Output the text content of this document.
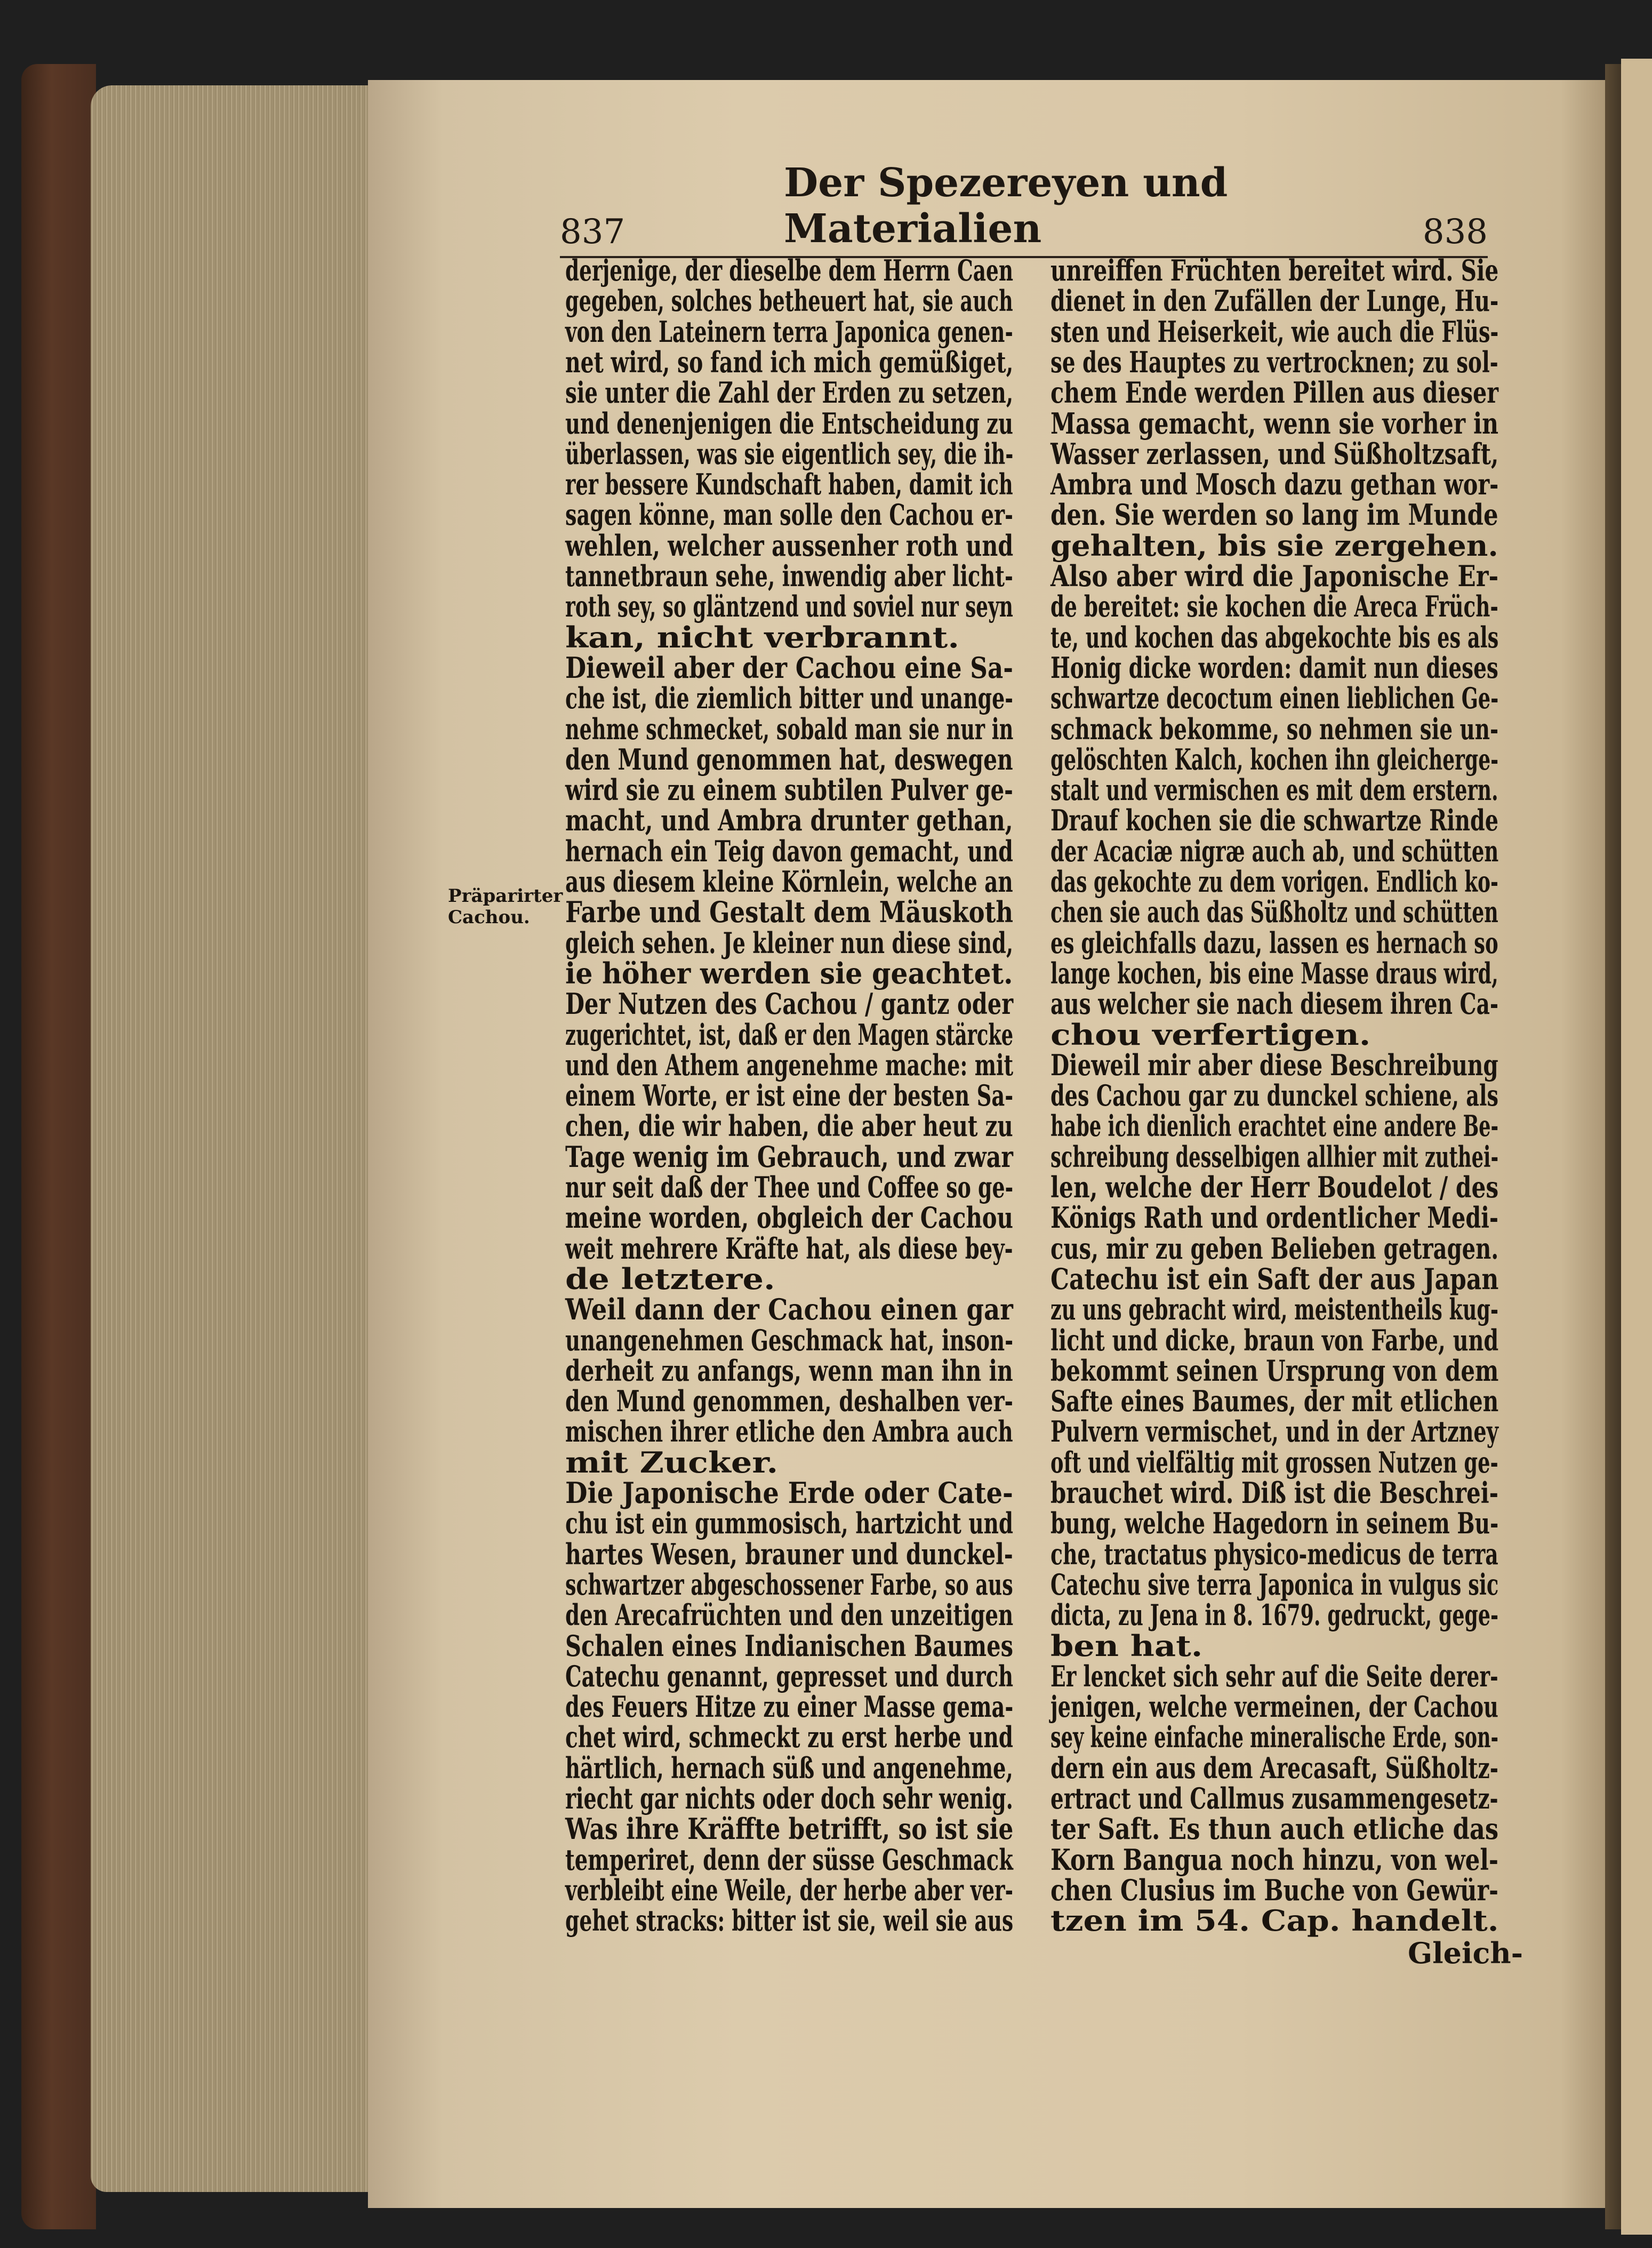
837
Der Spezereyen und Materialien	838
derjenige, der dieselbe dem Herrn Caen
gegeben, solches betheuert hat, sie auch
von den Lateinern terra Japonica genen-
net wird, so fand ich mich gemüßiget,
sie unter die Zahl der Erden zu setzen,
und denenjenigen die Entscheidung zu
überlassen, was sie eigentlich sey, die ih-
rer bessere Kundschaft haben, damit ich
sagen könne, man solle den Cachou er-
wehlen, welcher aussenher roth und
tannetbraun sehe, inwendig aber licht-
roth sey, so gläntzend und soviel nur seyn
kan, nicht verbrannt.
Dieweil aber der Cachou eine Sa-
che ist, die ziemlich bitter und unange-
nehme schmecket, sobald man sie nur in
den Mund genommen hat, deswegen
wird sie zu einem subtilen Pulver ge-
macht, und Ambra drunter gethan,
hernach ein Teig davon gemacht, und
aus diesem kleine Körnlein, welche an
Farbe und Gestalt dem Mäuskoth
gleich sehen. Je kleiner nun diese sind,
ie höher werden sie geachtet.
Der Nutzen des Cachou / gantz oder
zugerichtet, ist, daß er den Magen stärcke
und den Athem angenehme mache: mit
einem Worte, er ist eine der besten Sa-
chen, die wir haben, die aber heut zu
Tage wenig im Gebrauch, und zwar
nur seit daß der Thee und Coffee so ge-
meine worden, obgleich der Cachou
weit mehrere Kräfte hat, als diese bey-
de letztere.
Weil dann der Cachou einen gar
unangenehmen Geschmack hat, inson-
derheit zu anfangs, wenn man ihn in
den Mund genommen, deshalben ver-
mischen ihrer etliche den Ambra auch
mit Zucker.
Die Japonische Erde oder Cate-
chu ist ein gummosisch, hartzicht und
hartes Wesen, brauner und dunckel-
schwartzer abgeschossener Farbe, so aus
den Arecafrüchten und den unzeitigen
Schalen eines Indianischen Baumes
Catechu genannt, gepresset und durch
des Feuers Hitze zu einer Masse gema-
chet wird, schmeckt zu erst herbe und
härtlich, hernach süß und angenehme,
riecht gar nichts oder doch sehr wenig.
Was ihre Kräffte betrifft, so ist sie
temperiret, denn der süsse Geschmack
verbleibt eine Weile, der herbe aber ver-
gehet stracks: bitter ist sie, weil sie aus
unreiffen Früchten bereitet wird. Sie
dienet in den Zufällen der Lunge, Hu-
sten und Heiserkeit, wie auch die Flüs-
se des Hauptes zu vertrocknen; zu sol-
chem Ende werden Pillen aus dieser
Massa gemacht, wenn sie vorher in
Wasser zerlassen, und Süßholtzsaft,
Ambra und Mosch dazu gethan wor-
den. Sie werden so lang im Munde
gehalten, bis sie zergehen.
Also aber wird die Japonische Er-
de bereitet: sie kochen die Areca Früch-
te, und kochen das abgekochte bis es als
Honig dicke worden: damit nun dieses
schwartze decoctum einen lieblichen Ge-
schmack bekomme, so nehmen sie un-
gelöschten Kalch, kochen ihn gleicherge-
stalt und vermischen es mit dem erstern.
Drauf kochen sie die schwartze Rinde
der Acaciæ nigræ auch ab, und schütten
das gekochte zu dem vorigen. Endlich ko-
chen sie auch das Süßholtz und schütten
es gleichfalls dazu, lassen es hernach so
lange kochen, bis eine Masse draus wird,
aus welcher sie nach diesem ihren Ca-
chou verfertigen.
Dieweil mir aber diese Beschreibung
des Cachou gar zu dunckel schiene, als
habe ich dienlich erachtet eine andere Be-
schreibung desselbigen allhier mit zuthei-
len, welche der Herr Boudelot / des
Königs Rath und ordentlicher Medi-
cus, mir zu geben Belieben getragen.
Catechu ist ein Saft der aus Japan
zu uns gebracht wird, meistentheils kug-
licht und dicke, braun von Farbe, und
bekommt seinen Ursprung von dem
Safte eines Baumes, der mit etlichen
Pulvern vermischet, und in der Artzney
oft und vielfältig mit grossen Nutzen ge-
brauchet wird. Diß ist die Beschrei-
bung, welche Hagedorn in seinem Bu-
che, tractatus physico-medicus de terra
Catechu sive terra Japonica in vulgus sic
dicta, zu Jena in 8. 1679. gedruckt, gege-
ben hat.
Er lencket sich sehr auf die Seite derer-
jenigen, welche vermeinen, der Cachou
sey keine einfache mineralische Erde, son-
dern ein aus dem Arecasaft, Süßholtz-
ertract und Callmus zusammengesetz-
ter Saft. Es thun auch etliche das
Korn Bangua noch hinzu, von wel-
chen Clusius im Buche von Gewür-
tzen im 54. Cap. handelt.
Präparirter Cachou.
Gleich-
